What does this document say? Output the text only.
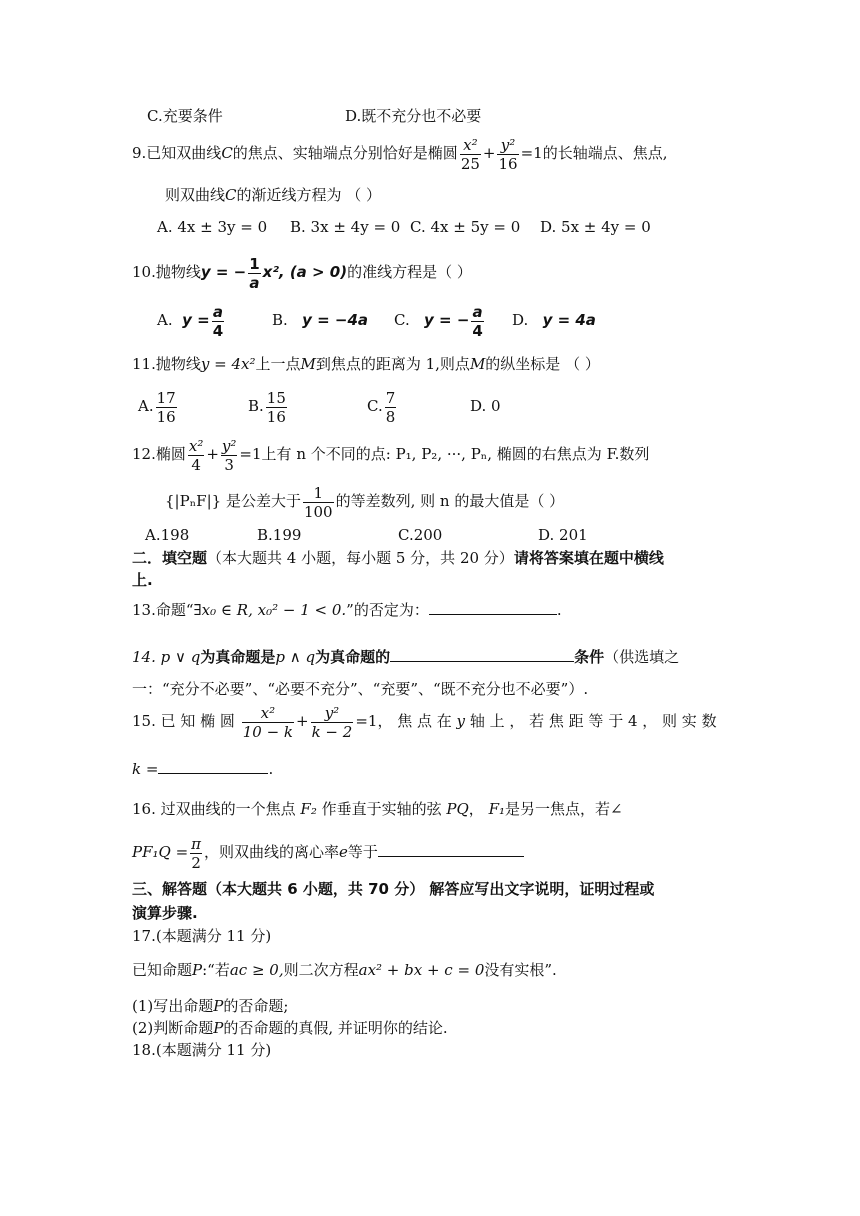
C.充要条件	D.既不充分也不必要
9.已知双曲线C的焦点、实轴端点分别恰好是椭圆 $\frac{\text{x²}}{25} + \frac{\text{y²}}{16} =1$的长轴端点、焦点,
则双曲线C的渐近线方程为 （ ）
A. 4x ± 3y = 0 B. 3x ± 4y = 0 C. 4x ± 5y = 0 D. 5x ± 4y = 0
10.抛物线y = − $\frac{1}{a} x^2$, (a > 0)的准线方程是（ ）
A. $y = \frac{a}{4}$	B. y = −4a C. y = − $\frac{a}{4} D$. y = 4a
11.抛物线y = 4x²上一点M到焦点的距离为 1,则点M的纵坐标是 （ ）
A. $\frac{17}{16}$	B. $\frac{15}{16}$	C. $\frac{7}{8}$	D. 0
12.椭圆 $\frac{\text{x²}}{4} + \frac{\text{y²}}{3} =1$上有 n 个不同的点: P₁, P₂, ···, Pₙ, 椭圆的右焦点为 F.数列
{|PₙF|} 是公差大于 $\frac{1}{100}$ 的等差数列, 则 n 的最大值是（ ）
A.198	B.199	C.200	D. 201
二．填空题（本大题共 4 小题，每小题 5 分，共 20 分）请将答案填在题中横线
上.
13.命题“∃x₀ ∈ R, x₀² − 1 < 0.”的否定为：	.
14. p ∨ q为真命题是p ∧ q为真命题的	条件（供选填之
一：“充分不必要”、“必要不充分”、“充要”、“既不充分也不必要”）.
15. 已 知 椭 圆 $\frac{\text{x²}}{10 - k} + \frac{\text{y²}}{k - 2} =1$， 焦 点 在 y 轴 上 ， 若 焦 距 等 于 4 ， 则 实 数
k =	.
16. 过双曲线的一个焦点 F₂ 作垂直于实轴的弦 PQ， F₁是另一焦点，若∠
$PF_1Q = \frac{\pi}{2}$ ，则双曲线的离心率e等于
三、解答题（本大题共 6 小题，共 70 分） 解答应写出文字说明，证明过程或
演算步骤.
17.(本题满分 11 分)
已知命题P:“若ac ≥ 0,则二次方程ax² + bx + c = 0没有实根”.
(1)写出命题P的否命题;
(2)判断命题P的否命题的真假, 并证明你的结论.
18.(本题满分 11 分)
